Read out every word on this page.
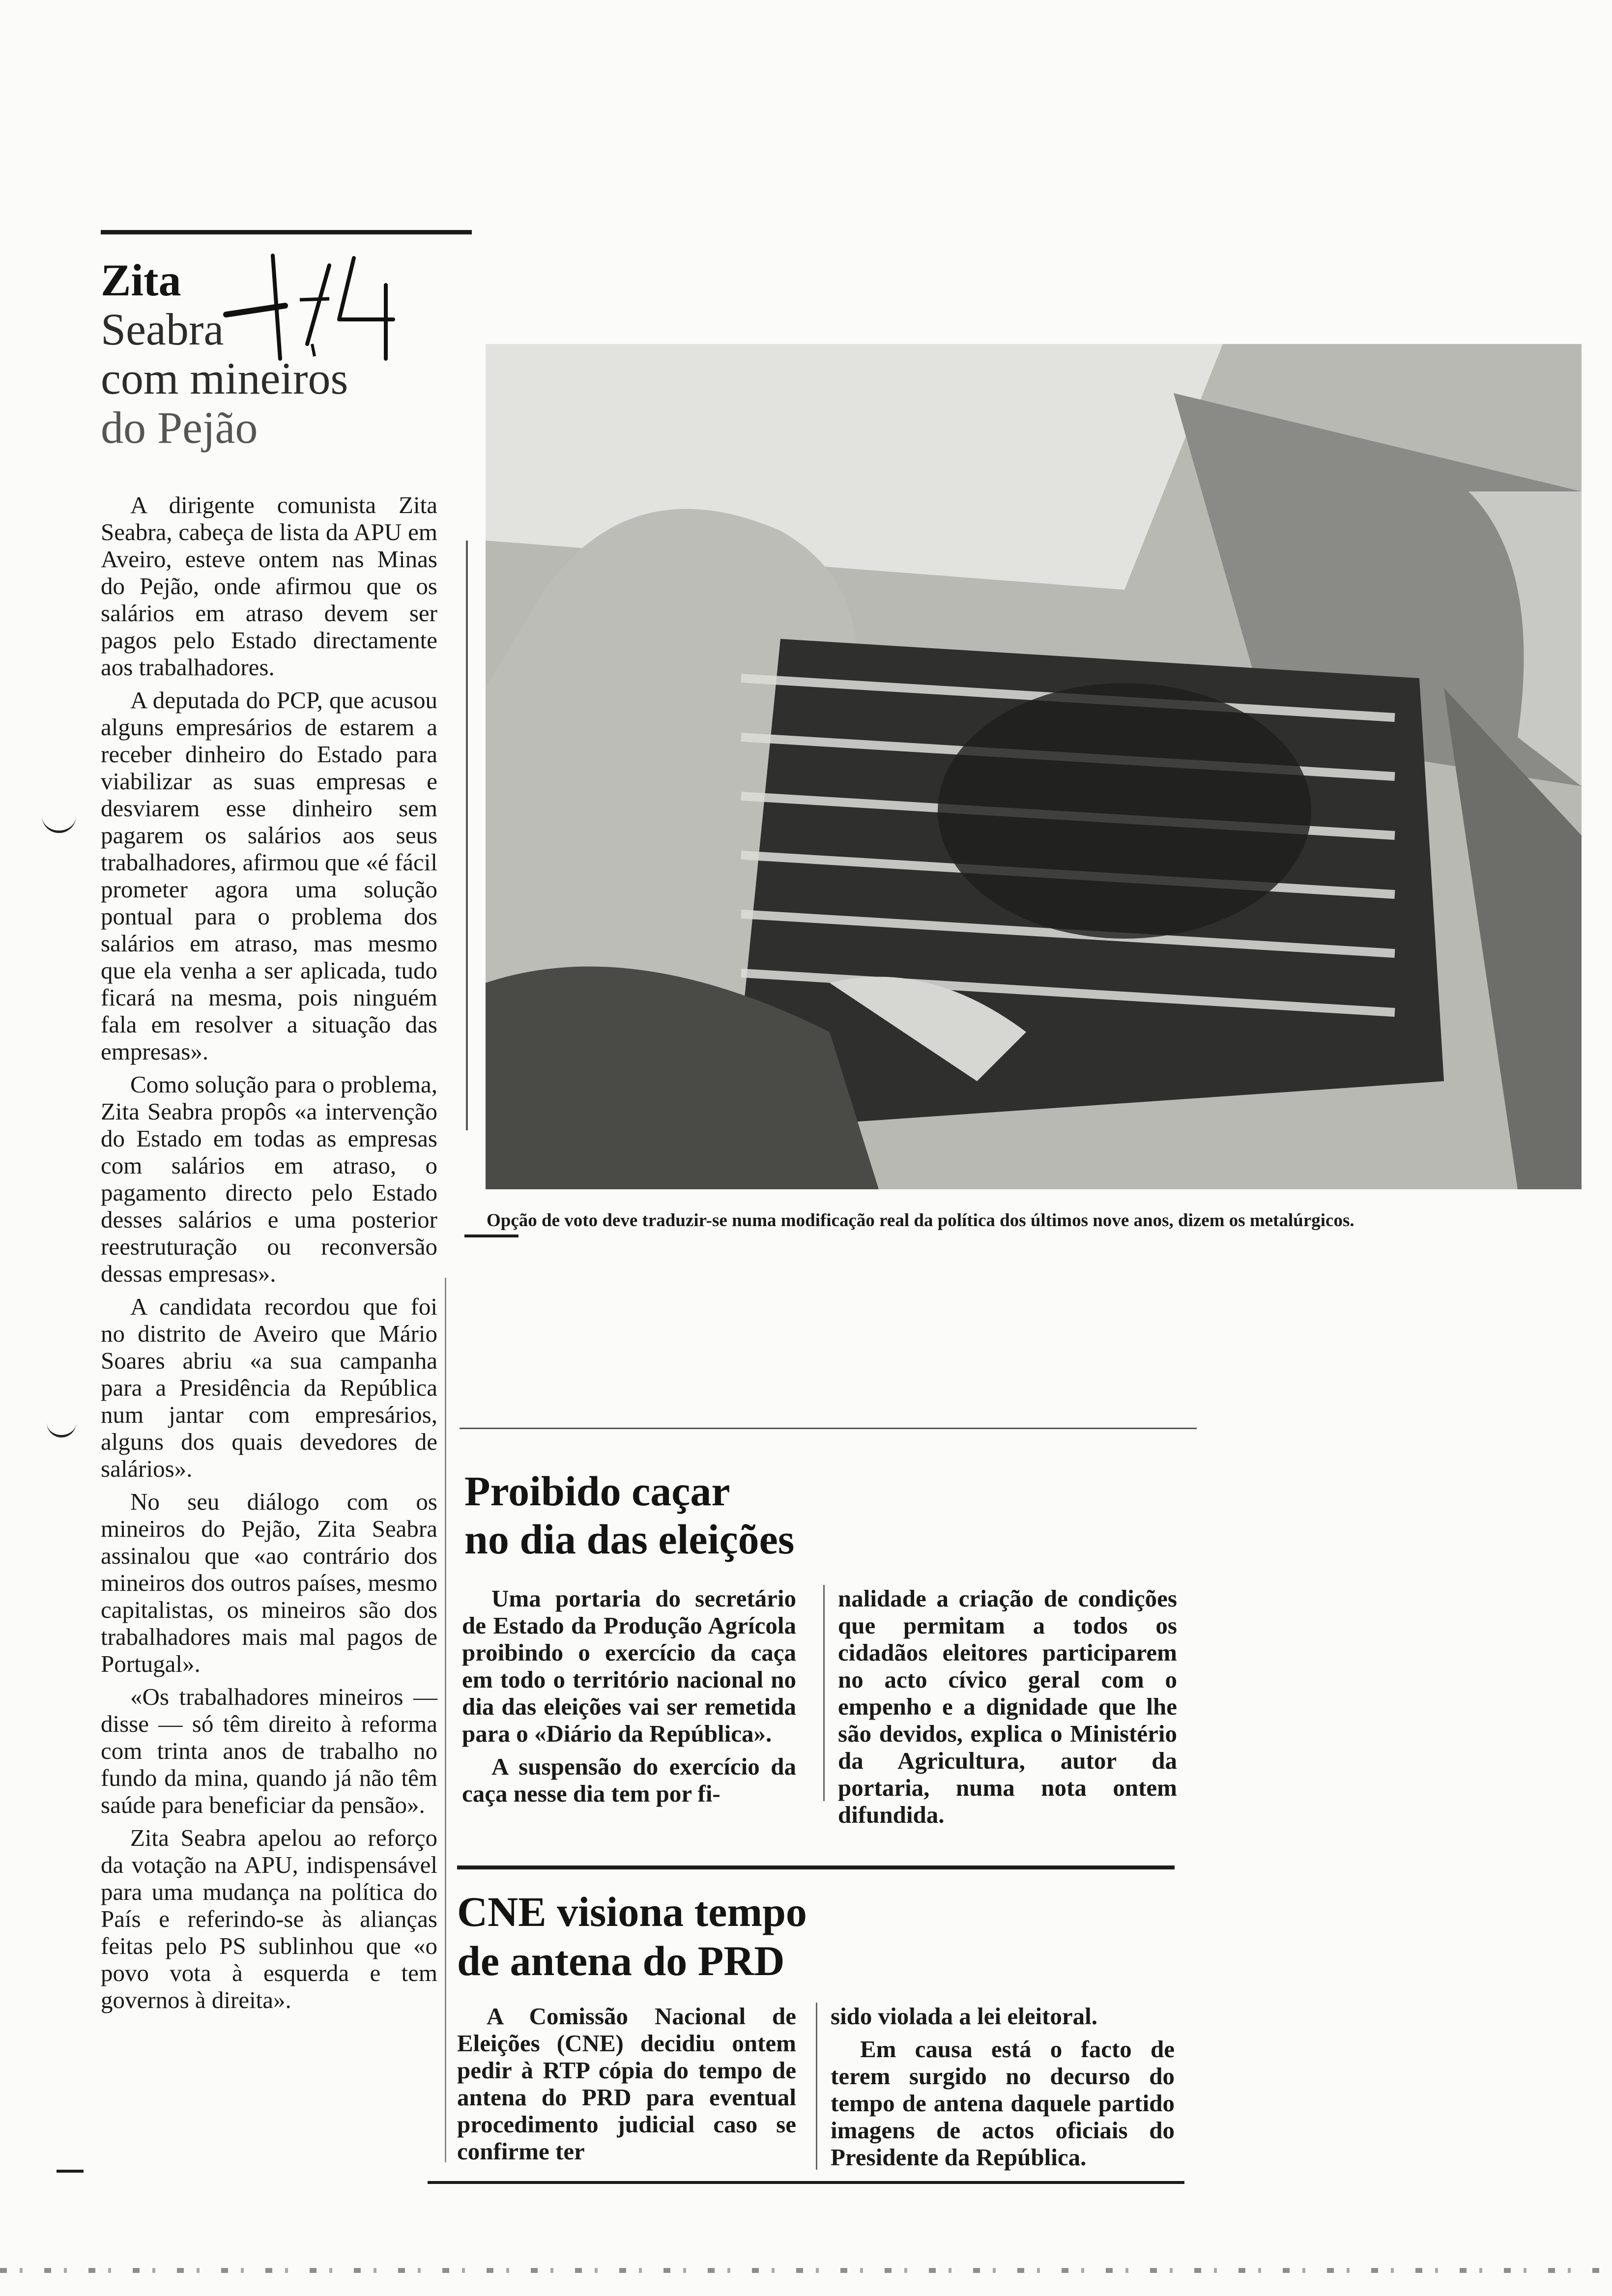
Zita
Seabra
com mineiros
do Pejão

A dirigente comunista Zita Seabra, cabeça de lista da APU em Aveiro, esteve ontem nas Minas do Pejão, onde afirmou que os salários em atraso devem ser pagos pelo Estado directamente aos trabalhadores.

A deputada do PCP, que acusou alguns empresários de estarem a receber dinheiro do Estado para viabilizar as suas empresas e desviarem esse dinheiro sem pagarem os salários aos seus trabalhadores, afirmou que «é fácil prometer agora uma solução pontual para o problema dos salários em atraso, mas mesmo que ela venha a ser aplicada, tudo ficará na mesma, pois ninguém fala em resolver a situação das empresas».

Como solução para o problema, Zita Seabra propôs «a intervenção do Estado em todas as empresas com salários em atraso, o pagamento directo pelo Estado desses salários e uma posterior reestruturação ou reconversão dessas empresas».

A candidata recordou que foi no distrito de Aveiro que Mário Soares abriu «a sua campanha para a Presidência da República num jantar com empresários, alguns dos quais devedores de salários».

No seu diálogo com os mineiros do Pejão, Zita Seabra assinalou que «ao contrário dos mineiros dos outros países, mesmo capitalistas, os mineiros são dos trabalhadores mais mal pagos de Portugal».

«Os trabalhadores mineiros — disse — só têm direito à reforma com trinta anos de trabalho no fundo da mina, quando já não têm saúde para beneficiar da pensão».

Zita Seabra apelou ao reforço da votação na APU, indispensável para uma mudança na política do País e referindo-se às alianças feitas pelo PS sublinhou que «o povo vota à esquerda e tem governos à direita».

Opção de voto deve traduzir-se numa modificação real da política dos últimos nove anos, dizem os metalúrgicos.
Proibido caçar
no dia das eleições

Uma portaria do secretário de Estado da Produção Agrícola proibindo o exercício da caça em todo o território nacional no dia das eleições vai ser remetida para o «Diário da República».

A suspensão do exercício da caça nesse dia tem por fi-

nalidade a criação de condições que permitam a todos os cidadãos eleitores participarem no acto cívico geral com o empenho e a dignidade que lhe são devidos, explica o Ministério da Agricultura, autor da portaria, numa nota ontem difundida.

CNE visiona tempo
de antena do PRD

A Comissão Nacional de Eleições (CNE) decidiu ontem pedir à RTP cópia do tempo de antena do PRD para eventual procedimento judicial caso se confirme ter

sido violada a lei eleitoral.

Em causa está o facto de terem surgido no decurso do tempo de antena daquele partido imagens de actos oficiais do Presidente da República.
